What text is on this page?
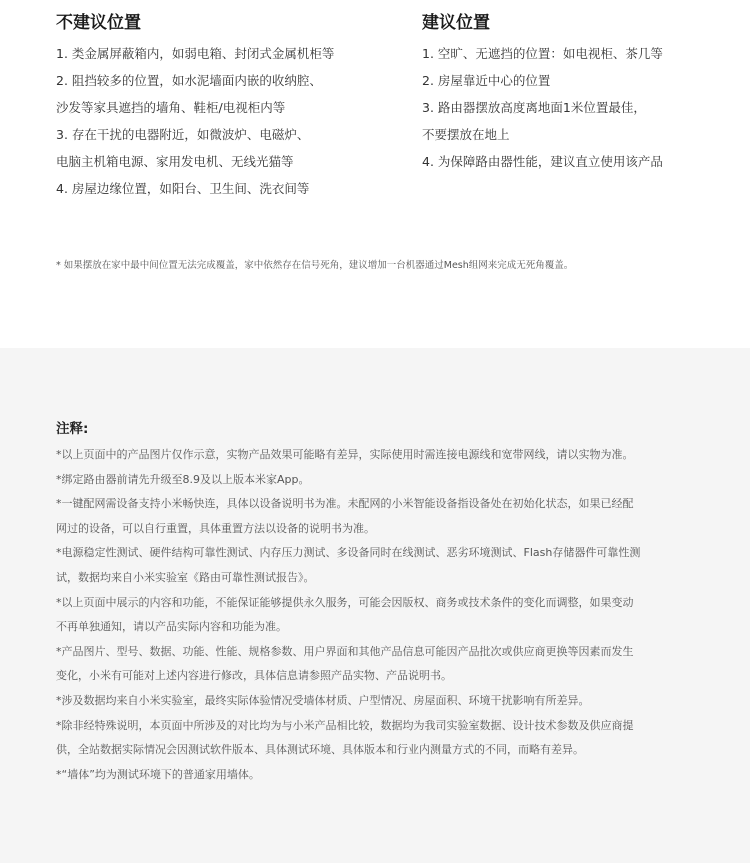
不建议位置
1. 类金属屏蔽箱内，如弱电箱、封闭式金属机柜等
2. 阻挡较多的位置，如水泥墙面内嵌的收纳腔、
沙发等家具遮挡的墙角、鞋柜/电视柜内等
3. 存在干扰的电器附近，如微波炉、电磁炉、
电脑主机箱电源、家用发电机、无线光猫等
4. 房屋边缘位置，如阳台、卫生间、洗衣间等
建议位置
1. 空旷、无遮挡的位置：如电视柜、茶几等
2. 房屋靠近中心的位置
3. 路由器摆放高度离地面1米位置最佳，
不要摆放在地上
4. 为保障路由器性能，建议直立使用该产品
* 如果摆放在家中最中间位置无法完成覆盖，家中依然存在信号死角，建议增加一台机器通过Mesh组网来完成无死角覆盖。
注释:
*以上页面中的产品图片仅作示意，实物产品效果可能略有差异，实际使用时需连接电源线和宽带网线，请以实物为准。
*绑定路由器前请先升级至8.9及以上版本米家App。
*一键配网需设备支持小米畅快连，具体以设备说明书为准。未配网的小米智能设备指设备处在初始化状态，如果已经配
网过的设备，可以自行重置，具体重置方法以设备的说明书为准。
*电源稳定性测试、硬件结构可靠性测试、内存压力测试、多设备同时在线测试、恶劣环境测试、Flash存储器件可靠性测
试，数据均来自小米实验室《路由可靠性测试报告》。
*以上页面中展示的内容和功能，不能保证能够提供永久服务，可能会因版权、商务或技术条件的变化而调整，如果变动
不再单独通知，请以产品实际内容和功能为准。
*产品图片、型号、数据、功能、性能、规格参数、用户界面和其他产品信息可能因产品批次或供应商更换等因素而发生
变化，小米有可能对上述内容进行修改，具体信息请参照产品实物、产品说明书。
*涉及数据均来自小米实验室，最终实际体验情况受墙体材质、户型情况、房屋面积、环境干扰影响有所差异。
*除非经特殊说明，本页面中所涉及的对比均为与小米产品相比较，数据均为我司实验室数据、设计技术参数及供应商提
供，全站数据实际情况会因测试软件版本、具体测试环境、具体版本和行业内测量方式的不同，而略有差异。
*“墙体”均为测试环境下的普通家用墙体。
